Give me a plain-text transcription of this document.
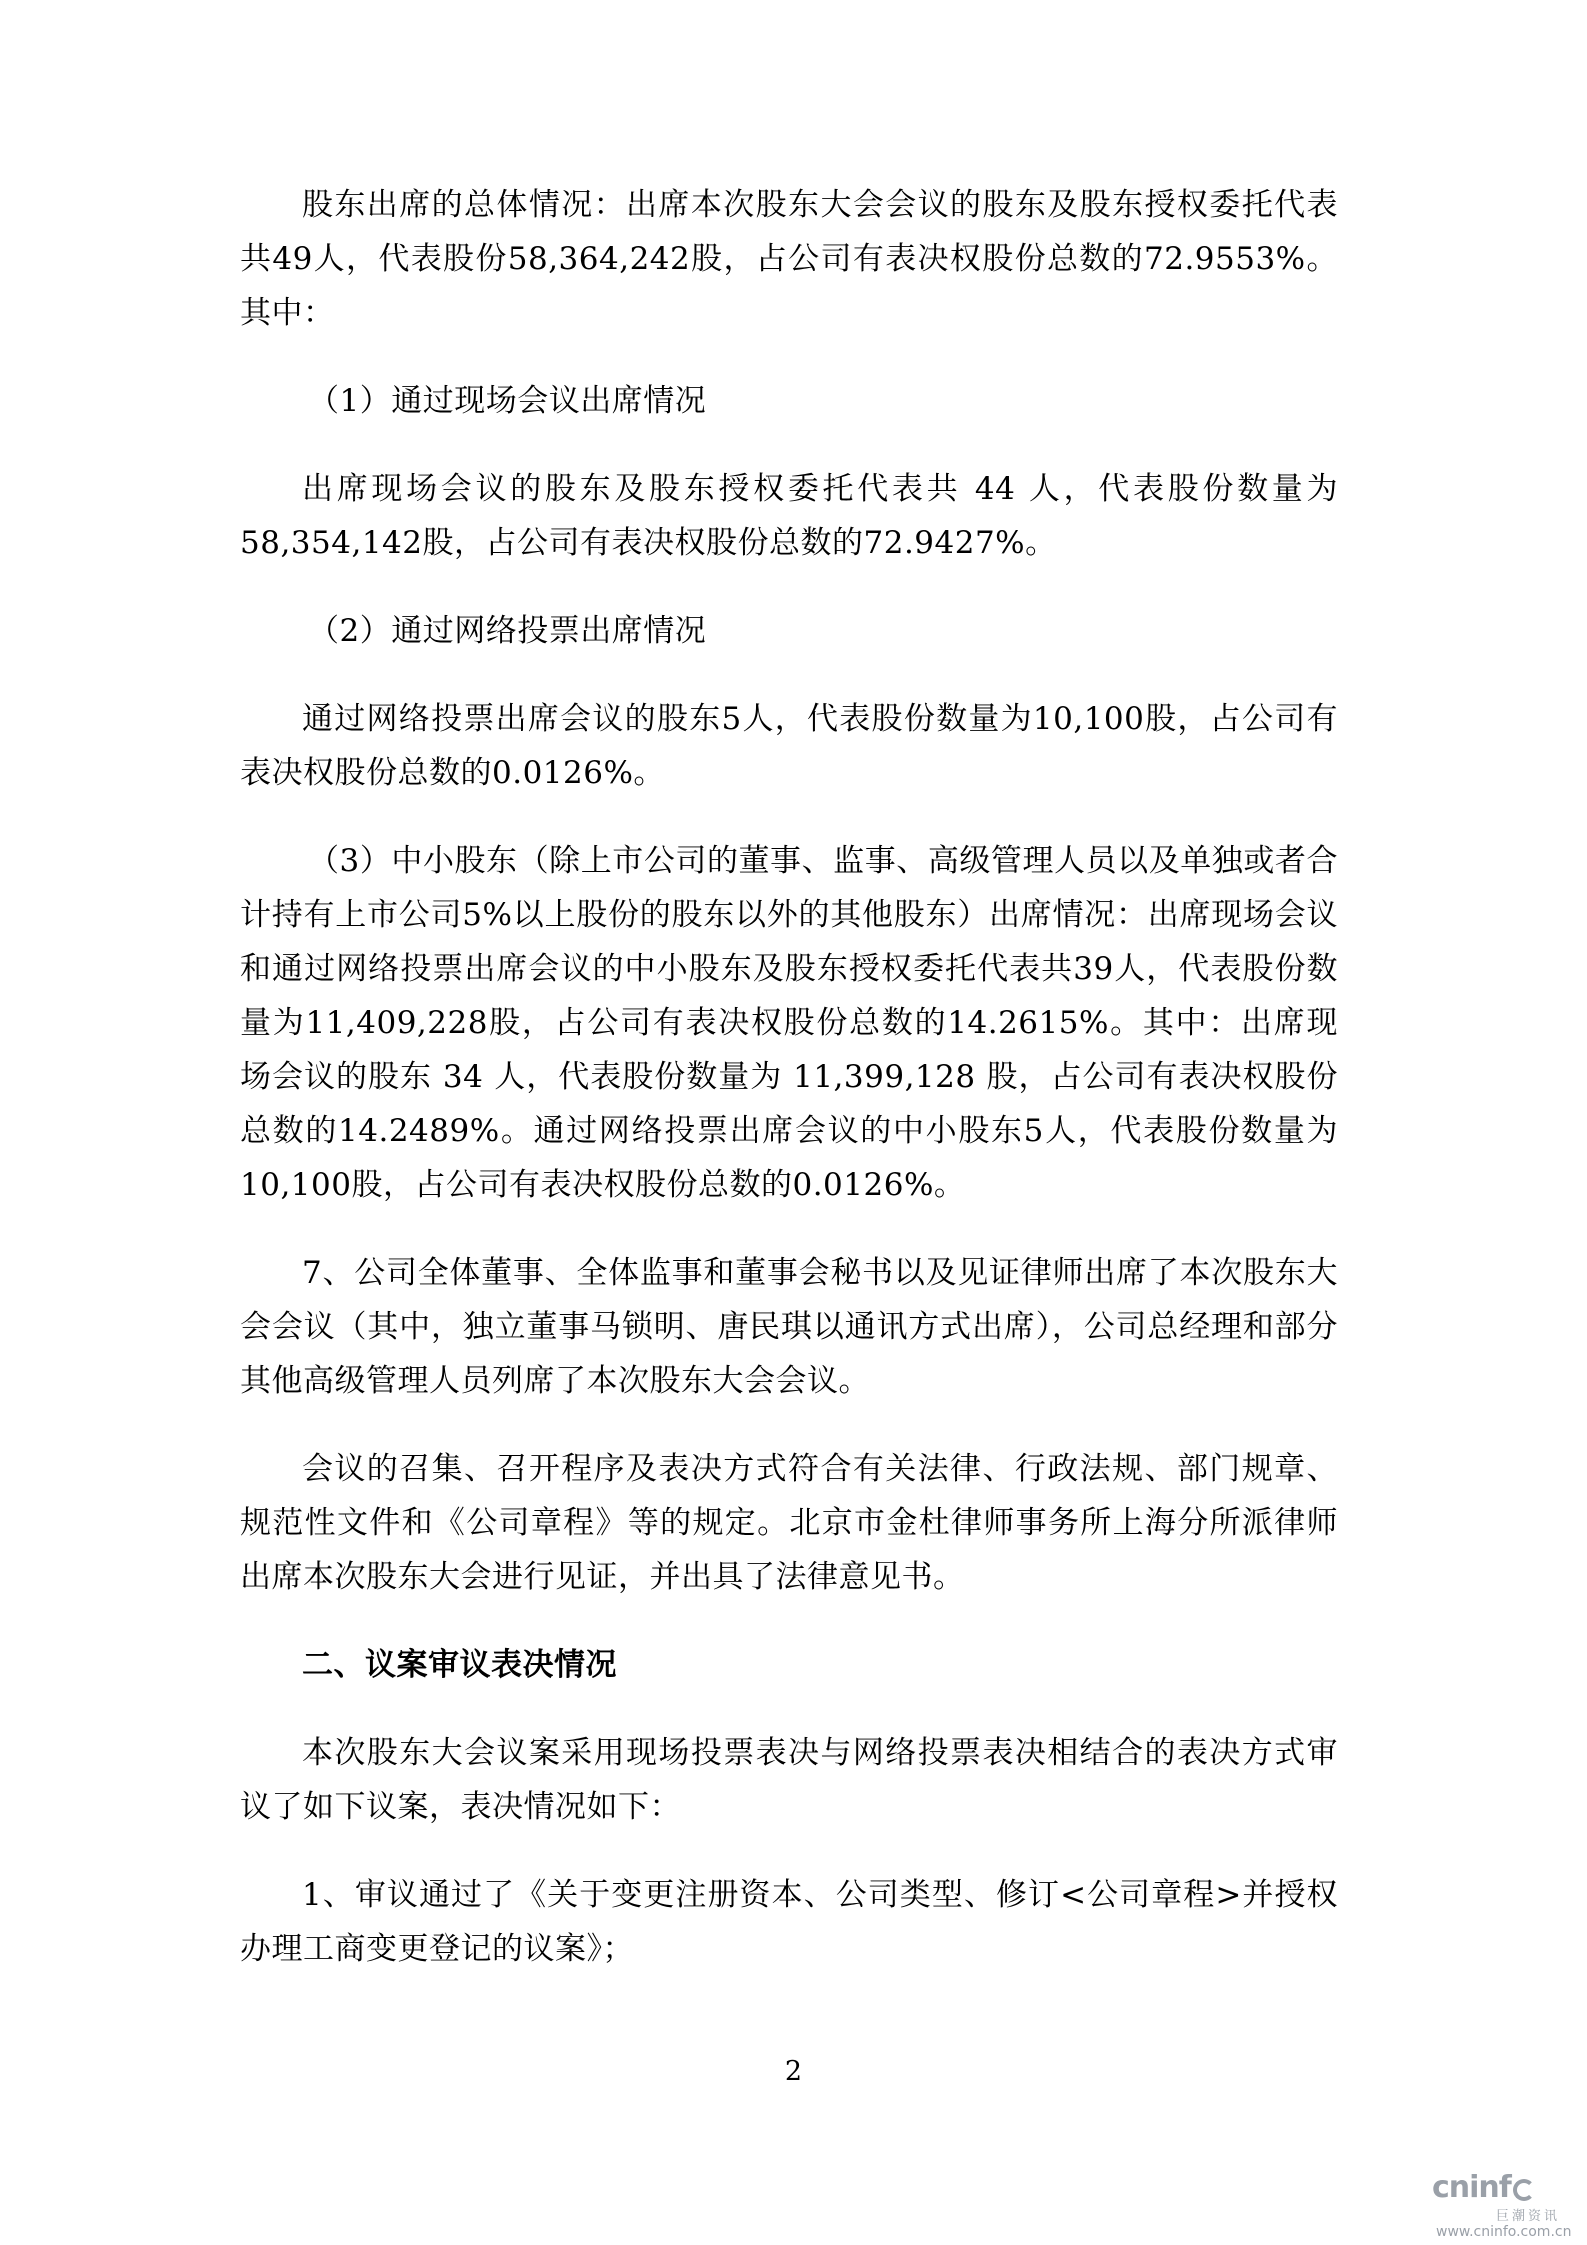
股东出席的总体情况：出席本次股东大会会议的股东及股东授权委托代表共49人，代表股份58,364,242股，占公司有表决权股份总数的72.9553%。其中：

（1）通过现场会议出席情况

出席现场会议的股东及股东授权委托代表共 44 人，代表股份数量为58,354,142股，占公司有表决权股份总数的72.9427%。

（2）通过网络投票出席情况

通过网络投票出席会议的股东5人，代表股份数量为10,100股，占公司有表决权股份总数的0.0126%。

（3）中小股东（除上市公司的董事、监事、高级管理人员以及单独或者合计持有上市公司5%以上股份的股东以外的其他股东）出席情况：出席现场会议和通过网络投票出席会议的中小股东及股东授权委托代表共39人，代表股份数量为11,409,228股，占公司有表决权股份总数的14.2615%。其中：出席现场会议的股东 34 人，代表股份数量为 11,399,128 股，占公司有表决权股份总数的14.2489%。通过网络投票出席会议的中小股东5人，代表股份数量为10,100股，占公司有表决权股份总数的0.0126%。

7、公司全体董事、全体监事和董事会秘书以及见证律师出席了本次股东大会会议（其中，独立董事马锁明、唐民琪以通讯方式出席），公司总经理和部分其他高级管理人员列席了本次股东大会会议。

会议的召集、召开程序及表决方式符合有关法律、行政法规、部门规章、规范性文件和《公司章程》等的规定。北京市金杜律师事务所上海分所派律师出席本次股东大会进行见证，并出具了法律意见书。

二、议案审议表决情况

本次股东大会议案采用现场投票表决与网络投票表决相结合的表决方式审议了如下议案，表决情况如下：

1、审议通过了《关于变更注册资本、公司类型、修订<公司章程>并授权办理工商变更登记的议案》；

2
cninf
巨潮资讯
www.cninfo.com.cn
